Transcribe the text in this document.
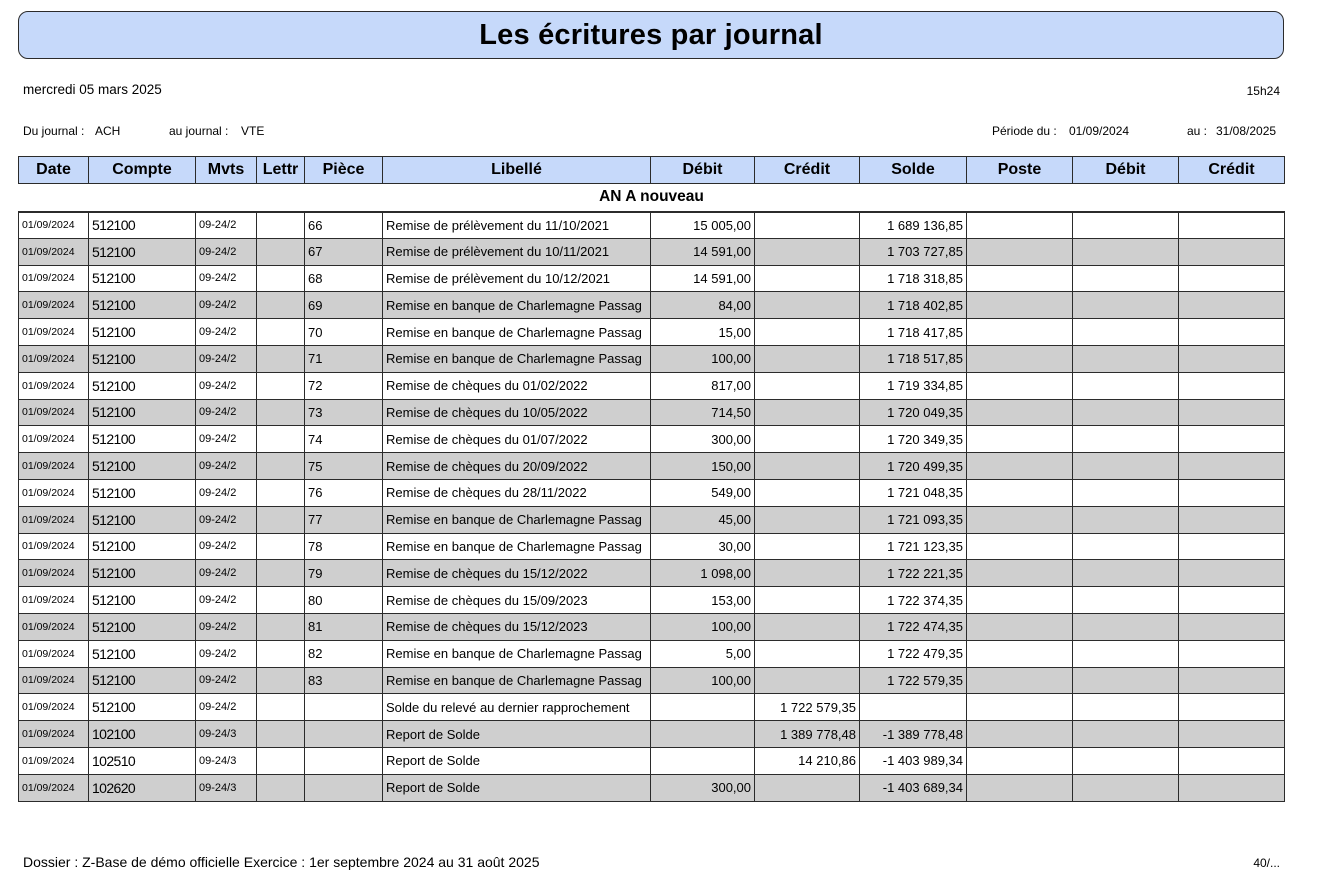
Les écritures par journal
mercredi 05 mars 2025	15h24
Du journal : ACH	au journal : VTE	Période du : 01/09/2024	au : 31/08/2025
Date	Compte	Mvts	Lettr	Pièce	Libellé	Débit	Crédit	Solde	Poste	Débit	Crédit
AN A nouveau											
01/09/2024	512100	09-24/2		66	Remise de prélèvement du 11/10/2021	15 005,00		1 689 136,85			
01/09/2024	512100	09-24/2		67	Remise de prélèvement du 10/11/2021	14 591,00		1 703 727,85			
01/09/2024	512100	09-24/2		68	Remise de prélèvement du 10/12/2021	14 591,00		1 718 318,85			
01/09/2024	512100	09-24/2		69	Remise en banque de Charlemagne Passag	84,00		1 718 402,85			
01/09/2024	512100	09-24/2		70	Remise en banque de Charlemagne Passag	15,00		1 718 417,85			
01/09/2024	512100	09-24/2		71	Remise en banque de Charlemagne Passag	100,00		1 718 517,85			
01/09/2024	512100	09-24/2		72	Remise de chèques du 01/02/2022	817,00		1 719 334,85			
01/09/2024	512100	09-24/2		73	Remise de chèques du 10/05/2022	714,50		1 720 049,35			
01/09/2024	512100	09-24/2		74	Remise de chèques du 01/07/2022	300,00		1 720 349,35			
01/09/2024	512100	09-24/2		75	Remise de chèques du 20/09/2022	150,00		1 720 499,35			
01/09/2024	512100	09-24/2		76	Remise de chèques du 28/11/2022	549,00		1 721 048,35			
01/09/2024	512100	09-24/2		77	Remise en banque de Charlemagne Passag	45,00		1 721 093,35			
01/09/2024	512100	09-24/2		78	Remise en banque de Charlemagne Passag	30,00		1 721 123,35			
01/09/2024	512100	09-24/2		79	Remise de chèques du 15/12/2022	1 098,00		1 722 221,35			
01/09/2024	512100	09-24/2		80	Remise de chèques du 15/09/2023	153,00		1 722 374,35			
01/09/2024	512100	09-24/2		81	Remise de chèques du 15/12/2023	100,00		1 722 474,35			
01/09/2024	512100	09-24/2		82	Remise en banque de Charlemagne Passag	5,00		1 722 479,35			
01/09/2024	512100	09-24/2		83	Remise en banque de Charlemagne Passag	100,00		1 722 579,35			
01/09/2024	512100	09-24/2			Solde du relevé au dernier rapprochement		1 722 579,35				
01/09/2024	102100	09-24/3			Report de Solde		1 389 778,48	-1 389 778,48			
01/09/2024	102510	09-24/3			Report de Solde		14 210,86	-1 403 989,34			
01/09/2024	102620	09-24/3			Report de Solde	300,00		-1 403 689,34			
Dossier : Z-Base de démo officielle Exercice : 1er septembre 2024 au 31 août 2025	40/...
